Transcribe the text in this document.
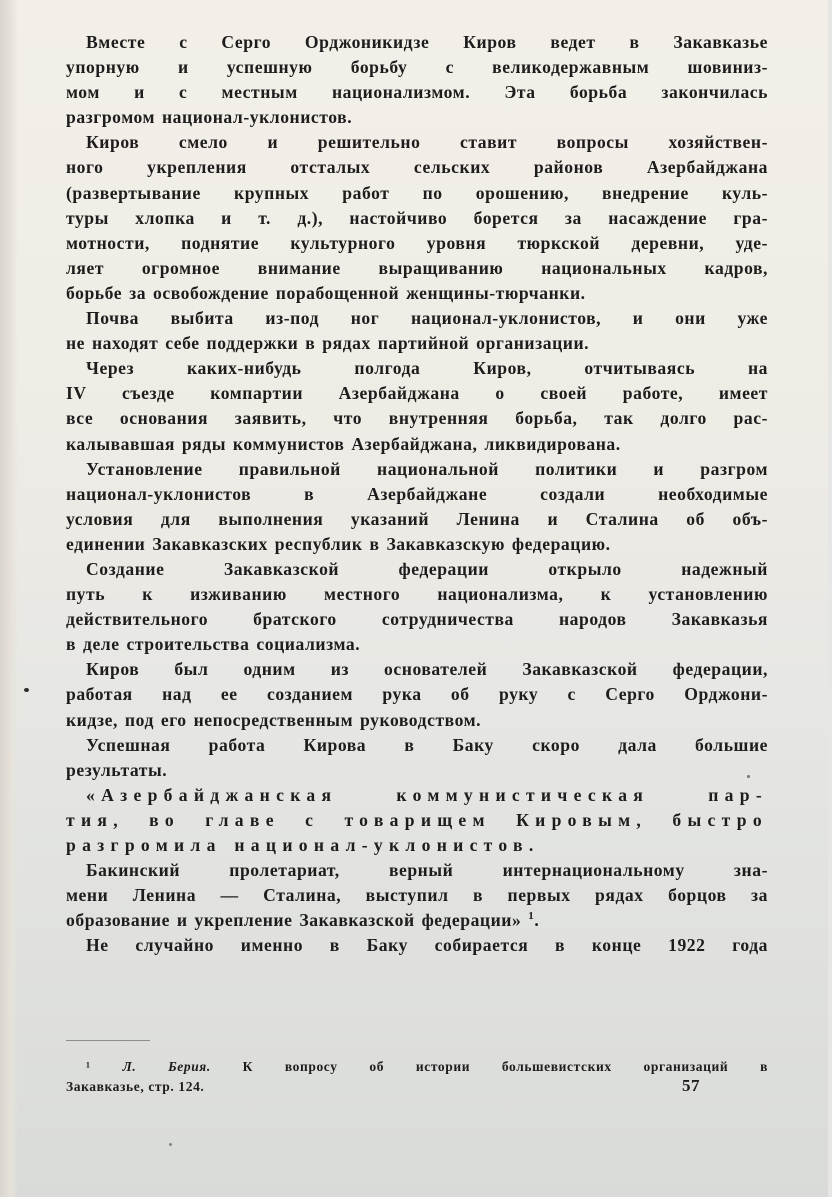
Вместе с Серго Орджоникидзе Киров ведет в Закавказье
упорную и успешную борьбу с великодержавным шовиниз-
мом и с местным национализмом. Эта борьба закончилась
разгромом национал-уклонистов.

Киров смело и решительно ставит вопросы хозяйствен-
ного укрепления отсталых сельских районов Азербайджана
(развертывание крупных работ по орошению, внедрение куль-
туры хлопка и т. д.), настойчиво борется за насаждение гра-
мотности, поднятие культурного уровня тюркской деревни, уде-
ляет огромное внимание выращиванию национальных кадров,
борьбе за освобождение порабощенной женщины-тюрчанки.

Почва выбита из-под ног национал-уклонистов, и они уже
не находят себе поддержки в рядах партийной организации.

Через каких-нибудь полгода Киров, отчитываясь на
IV съезде компартии Азербайджана о своей работе, имеет
все основания заявить, что внутренняя борьба, так долго рас-
калывавшая ряды коммунистов Азербайджана, ликвидирована.

Установление правильной национальной политики и разгром
национал-уклонистов в Азербайджане создали необходимые
условия для выполнения указаний Ленина и Сталина об объ-
единении Закавказских республик в Закавказскую федерацию.

Создание Закавказской федерации открыло надежный
путь к изживанию местного национализма, к установлению
действительного братского сотрудничества народов Закавказья
в деле строительства социализма.

Киров был одним из основателей Закавказской федерации,
работая над ее созданием рука об руку с Серго Орджони-
кидзе, под его непосредственным руководством.

Успешная работа Кирова в Баку скоро дала большие
результаты.

«Азербайджанская коммунистическая пар-
тия, во главе с товарищем Кировым, быстро
разгромила национал-уклонистов.

Бакинский пролетариат, верный интернациональному зна-
мени Ленина — Сталина, выступил в первых рядах борцов за
образование и укрепление Закавказской федерации» $^1$.

Не случайно именно в Баку собирается в конце 1922 года

¹ Л. Берия. К вопросу об истории большевистских организаций в
Закавказье, стр. 124.	57
